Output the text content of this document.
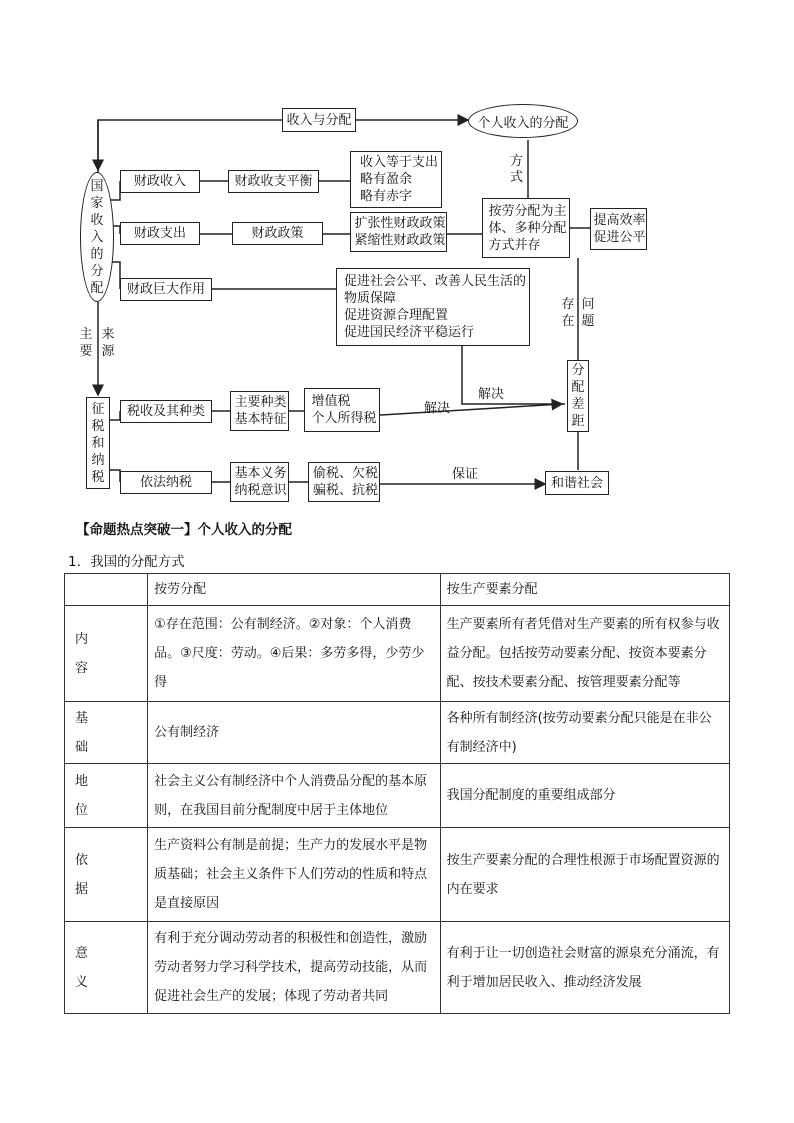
收入与分配	个人收入的分配
国家收入的分配
方
式
财政收入	财政收支平衡
收入等于支出
略有盈余
略有赤字
财政支出	财政政策
扩张性财政政策
紧缩性财政政策
按劳分配为主
体、多种分配
方式并存
提高效率
促进公平
财政巨大作用
促进社会公平、改善人民生活的
物质保障
促进资源合理配置
促进国民经济平稳运行
存
在
问
题
主
要
来
源
征税和纳税
税收及其种类
主要种类
基本特征
增值税
个人所得税
解决
解决
分配差距
依法纳税
基本义务
纳税意识
偷税、欠税
骗税、抗税
保证
和谐社会
【命题热点突破一】个人收入的分配
1．我国的分配方式
	按劳分配	按生产要素分配
内
容	①存在范围：公有制经济。②对象：个人消费品。③尺度：劳动。④后果：多劳多得，少劳少得	生产要素所有者凭借对生产要素的所有权参与收益分配。包括按劳动要素分配、按资本要素分配、按技术要素分配、按管理要素分配等
基
础	公有制经济	各种所有制经济(按劳动要素分配只能是在非公有制经济中)
地
位	社会主义公有制经济中个人消费品分配的基本原则，在我国目前分配制度中居于主体地位	我国分配制度的重要组成部分
依
据	生产资料公有制是前提；生产力的发展水平是物质基础；社会主义条件下人们劳动的性质和特点是直接原因	按生产要素分配的合理性根源于市场配置资源的内在要求
意
义	有利于充分调动劳动者的积极性和创造性，激励劳动者努力学习科学技术，提高劳动技能，从而促进社会生产的发展；体现了劳动者共同	有利于让一切创造社会财富的源泉充分涌流，有利于增加居民收入、推动经济发展
